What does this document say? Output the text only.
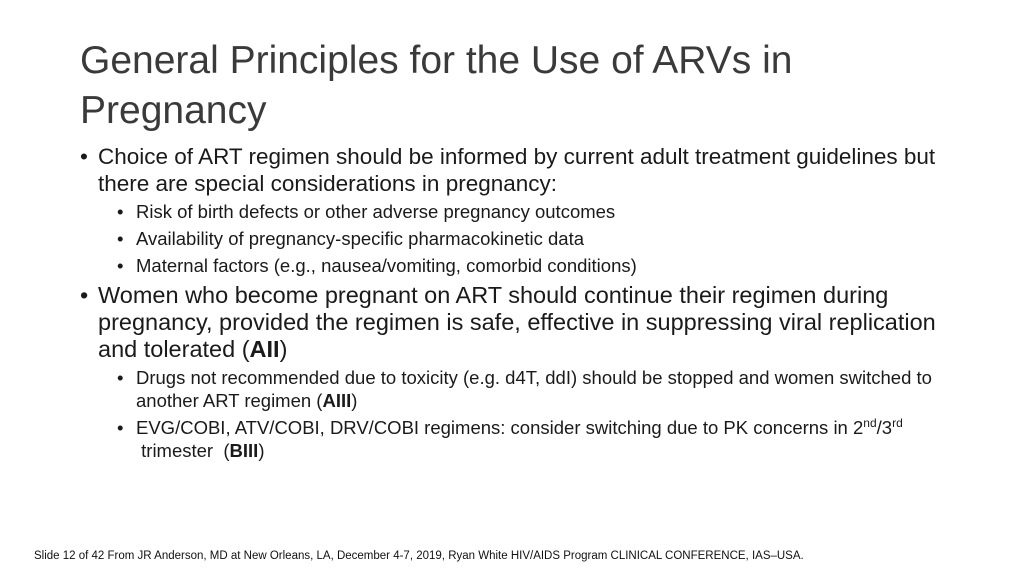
General Principles for the Use of ARVs in Pregnancy

• Choice of ART regimen should be informed by current adult treatment guidelines but there are special considerations in pregnancy:

• Risk of birth defects or other adverse pregnancy outcomes
• Availability of pregnancy-specific pharmacokinetic data
• Maternal factors (e.g., nausea/vomiting, comorbid conditions)

• Women who become pregnant on ART should continue their regimen during pregnancy, provided the regimen is safe, effective in suppressing viral replication and tolerated (AII)

• Drugs not recommended due to toxicity (e.g. d4T, ddI) should be stopped and women switched to another ART regimen (AIII)
• EVG/COBI, ATV/COBI, DRV/COBI regimens: consider switching due to PK concerns in 2nd/3rd trimester  (BIII)
Slide 12 of 42 From JR Anderson, MD at New Orleans, LA, December 4-7, 2019, Ryan White HIV/AIDS Program CLINICAL CONFERENCE, IAS–USA.
